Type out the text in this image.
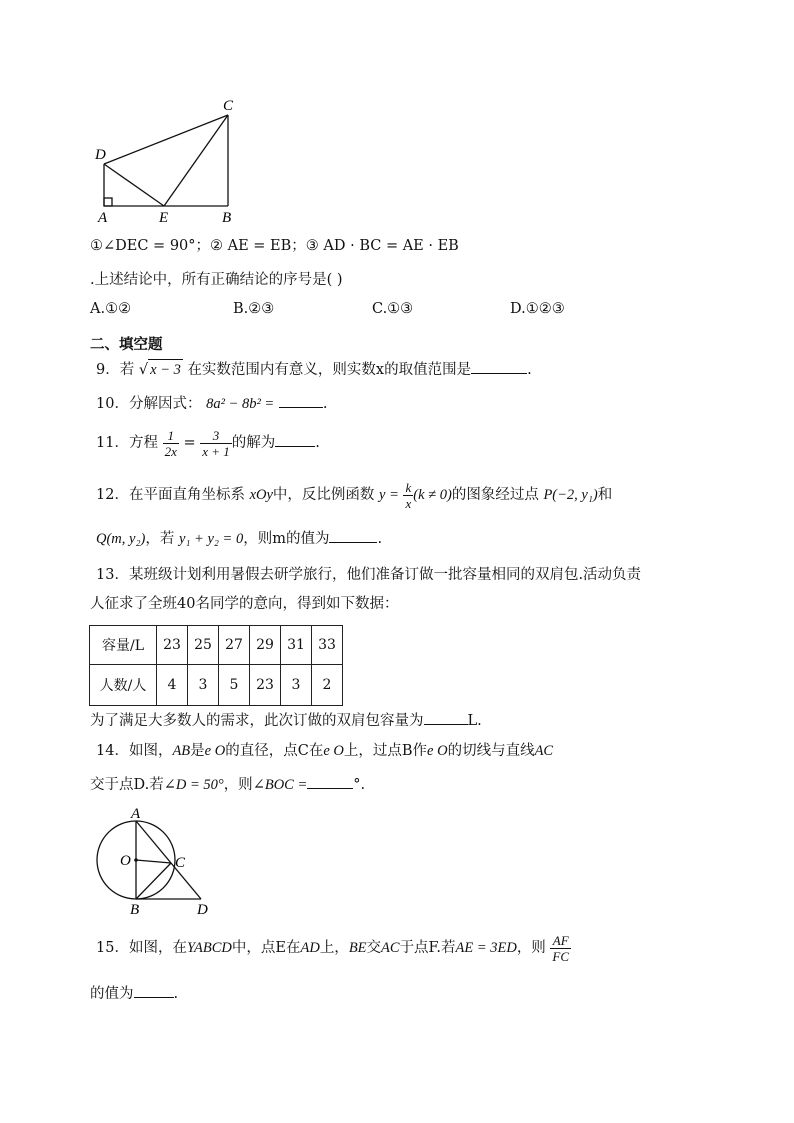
C
D
A	E	B
①∠DEC = 90°；② AE = EB；③ AD · BC = AE · EB
.上述结论中，所有正确结论的序号是( )
A.①②	B.②③	C.①③	D.①②③
二、填空题
9．若 √ x − 3 在实数范围内有意义，则实数x的取值范围是	.
10．分解因式： 8a² − 8b² =	.
11．方程 $\frac{1}{2x} = \frac{3}{x + 1}$ 的解为	.
12．在平面直角坐标系 xOy中，反比例函数 $y = \frac{k}{x} (k \ne 0)$的图象经过点 P(−2, y₁)和
Q(m, y₂)，若 y₁ + y₂ = 0，则m的值为	.
13．某班级计划利用暑假去研学旅行，他们准备订做一批容量相同的双肩包.活动负责
人征求了全班40名同学的意向，得到如下数据：
容量/L	23	25	27	29	31	33
人数/人	4	3	5	23	3	2
为了满足大多数人的需求，此次订做的双肩包容量为	L.
14．如图，AB是e O的直径，点C在e O上，过点B作e O的切线与直线AC
交于点D.若∠D = 50°，则∠BOC =	°.
A
O	C
B	D
15．如图，在YABCD中，点E在AD上，BE交AC于点F.若AE = 3ED，则 $\frac{AF}{FC}$
的值为	.
